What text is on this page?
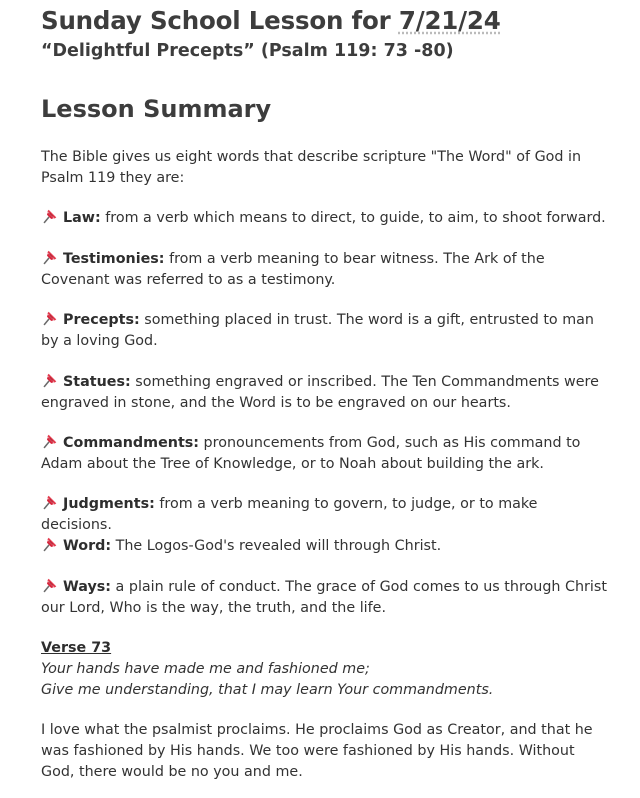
Sunday School Lesson for 7/21/24
“Delightful Precepts” (Psalm 119: 73 -80)
Lesson Summary

The Bible gives us eight words that describe scripture "The Word" of God in Psalm 119 they are:

Law: from a verb which means to direct, to guide, to aim, to shoot forward.

Testimonies: from a verb meaning to bear witness. The Ark of the Covenant was referred to as a testimony.

Precepts: something placed in trust. The word is a gift, entrusted to man by a loving God.

Statues: something engraved or inscribed. The Ten Commandments were engraved in stone, and the Word is to be engraved on our hearts.

Commandments: pronouncements from God, such as His command to Adam about the Tree of Knowledge, or to Noah about building the ark.

Judgments: from a verb meaning to govern, to judge, or to make decisions.

Word: The Logos-God's revealed will through Christ.

Ways: a plain rule of conduct. The grace of God comes to us through Christ our Lord, Who is the way, the truth, and the life.

Verse 73

Your hands have made me and fashioned me;
Give me understanding, that I may learn Your commandments.

I love what the psalmist proclaims. He proclaims God as Creator, and that he was fashioned by His hands. We too were fashioned by His hands. Without God, there would be no you and me.
